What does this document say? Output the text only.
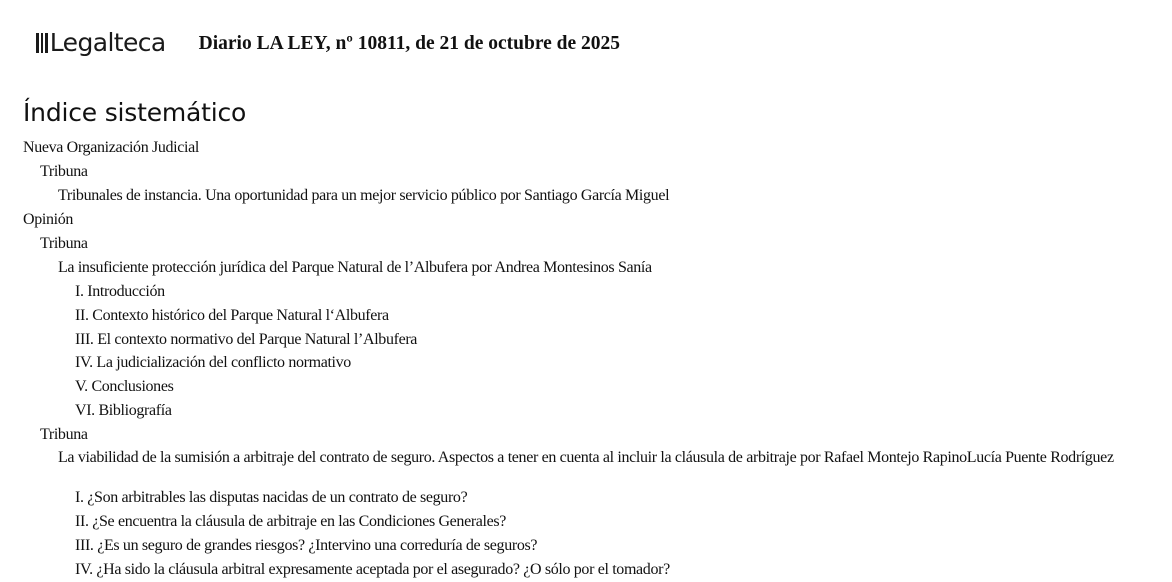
Legalteca Diario LA LEY, nº 10811, de 21 de octubre de 2025
Índice sistemático
Nueva Organización Judicial
Tribuna
Tribunales de instancia. Una oportunidad para un mejor servicio público por Santiago García Miguel
Opinión
Tribuna
La insuficiente protección jurídica del Parque Natural de l’Albufera por Andrea Montesinos Sanía
I. Introducción
II. Contexto histórico del Parque Natural l‘Albufera
III. El contexto normativo del Parque Natural l’Albufera
IV. La judicialización del conflicto normativo
V. Conclusiones
VI. Bibliografía
Tribuna
La viabilidad de la sumisión a arbitraje del contrato de seguro. Aspectos a tener en cuenta al incluir la cláusula de arbitraje por Rafael Montejo RapinoLucía Puente Rodríguez
I. ¿Son arbitrables las disputas nacidas de un contrato de seguro?
II. ¿Se encuentra la cláusula de arbitraje en las Condiciones Generales?
III. ¿Es un seguro de grandes riesgos? ¿Intervino una correduría de seguros?
IV. ¿Ha sido la cláusula arbitral expresamente aceptada por el asegurado? ¿O sólo por el tomador?
